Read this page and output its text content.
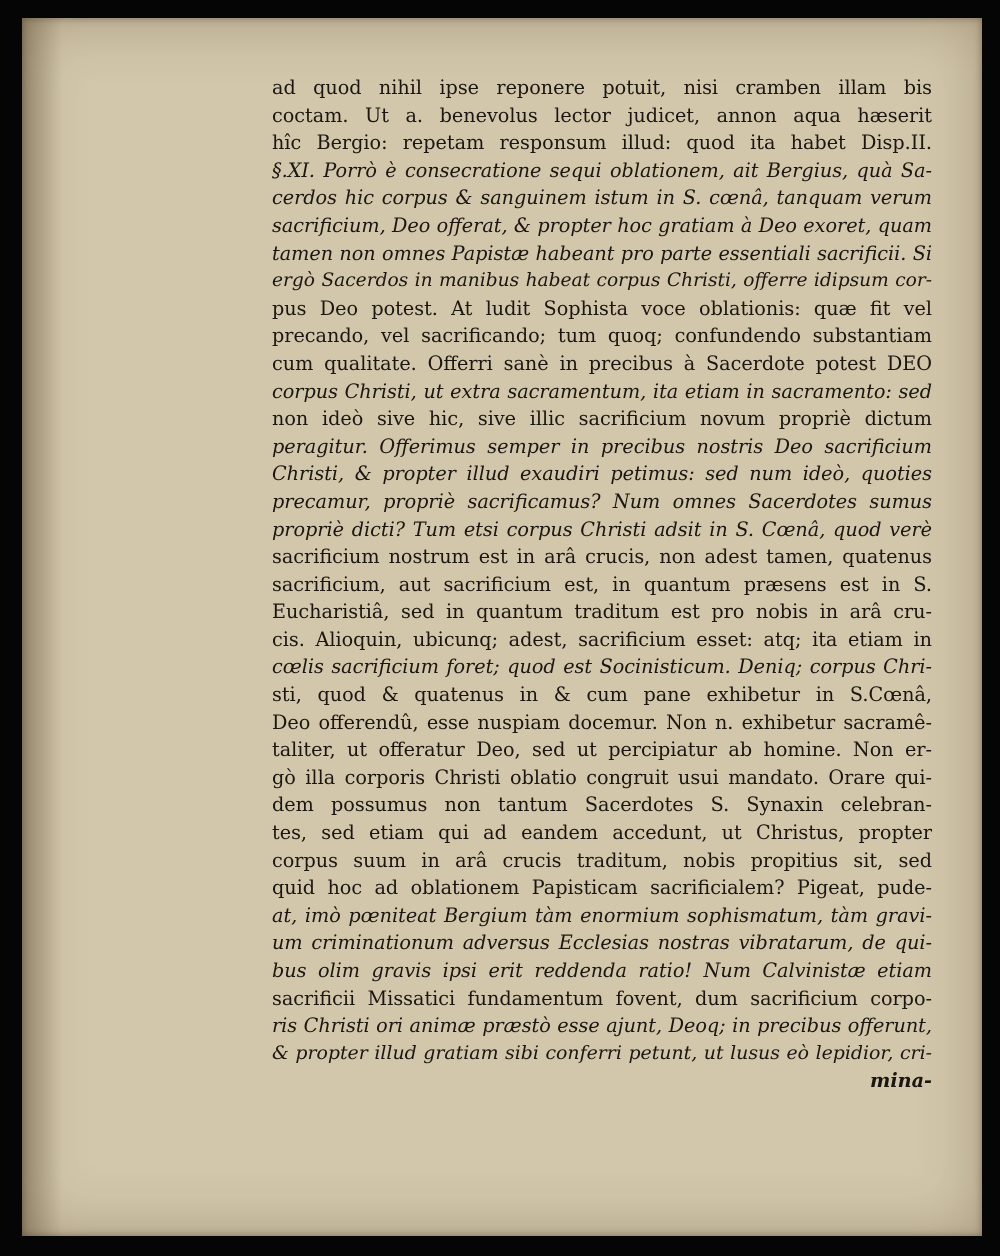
ad quod nihil ipse reponere potuit, nisi cramben illam bis
coctam. Ut a. benevolus lector judicet, annon aqua hæserit
hîc Bergio: repetam responsum illud: quod ita habet Disp.II.
§.XI. Porrò è consecratione sequi oblationem, ait Bergius, quà Sa-
cerdos hic corpus & sanguinem istum in S. cœnâ, tanquam verum
sacrificium, Deo offerat, & propter hoc gratiam à Deo exoret, quam
tamen non omnes Papistæ habeant pro parte essentiali sacrificii. Si
ergò Sacerdos in manibus habeat corpus Christi, offerre idipsum cor-
pus Deo potest. At ludit Sophista voce oblationis: quæ fit vel
precando, vel sacrificando; tum quoq; confundendo substantiam
cum qualitate. Offerri sanè in precibus à Sacerdote potest DEO
corpus Christi, ut extra sacramentum, ita etiam in sacramento: sed
non ideò sive hic, sive illic sacrificium novum propriè dictum
peragitur. Offerimus semper in precibus nostris Deo sacrificium
Christi, & propter illud exaudiri petimus: sed num ideò, quoties
precamur, propriè sacrificamus? Num omnes Sacerdotes sumus
propriè dicti? Tum etsi corpus Christi adsit in S. Cœnâ, quod verè
sacrificium nostrum est in arâ crucis, non adest tamen, quatenus
sacrificium, aut sacrificium est, in quantum præsens est in S.
Eucharistiâ, sed in quantum traditum est pro nobis in arâ cru-
cis. Alioquin, ubicunq; adest, sacrificium esset: atq; ita etiam in
cœlis sacrificium foret; quod est Socinisticum. Deniq; corpus Chri-
sti, quod & quatenus in & cum pane exhibetur in S.Cœnâ,
Deo offerendû, esse nuspiam docemur. Non n. exhibetur sacramê-
taliter, ut offeratur Deo, sed ut percipiatur ab homine. Non er-
gò illa corporis Christi oblatio congruit usui mandato. Orare qui-
dem possumus non tantum Sacerdotes S. Synaxin celebran-
tes, sed etiam qui ad eandem accedunt, ut Christus, propter
corpus suum in arâ crucis traditum, nobis propitius sit, sed
quid hoc ad oblationem Papisticam sacrificialem? Pigeat, pude-
at, imò pœniteat Bergium tàm enormium sophismatum, tàm gravi-
um criminationum adversus Ecclesias nostras vibratarum, de qui-
bus olim gravis ipsi erit reddenda ratio! Num Calvinistæ etiam
sacrificii Missatici fundamentum fovent, dum sacrificium corpo-
ris Christi ori animæ præstò esse ajunt, Deoq; in precibus offerunt,
& propter illud gratiam sibi conferri petunt, ut lusus eò lepidior, cri-
mina-
